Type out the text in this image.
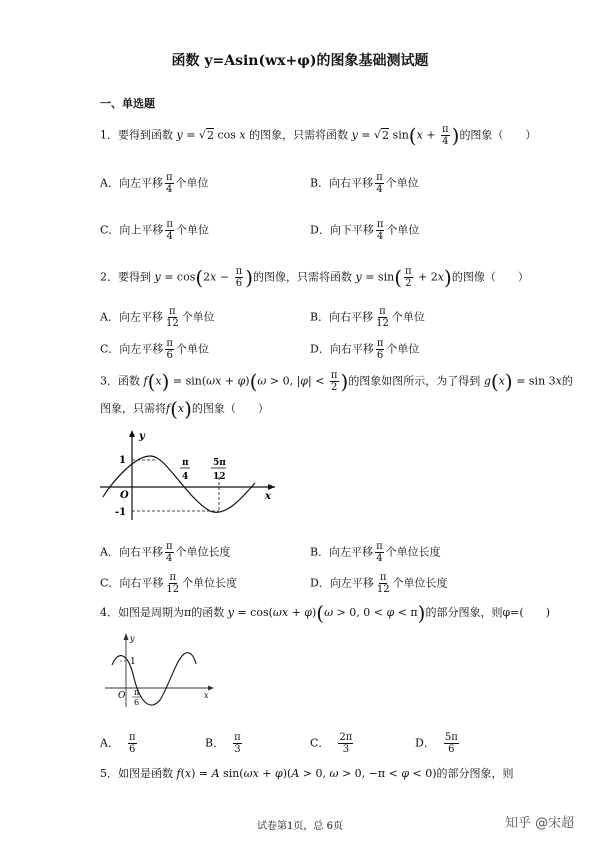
函数 y=Asin(wx+φ)的图象基础测试题
一、单选题
1．要得到函数 y = √2 cos x 的图象，只需将函数 y = √2 $\sin(x + \frac{\pi}{4}$ )的图象（　　）
A．向左平移 $\frac{\pi}{4}$ 个单位	B．向右平移 $\frac{\pi}{4}$ 个单位
C．向上平移 $\frac{\pi}{4}$ 个单位	D．向下平移 $\frac{\pi}{4}$ 个单位
2．要得到 $y = \cos(2x - \frac{\pi}{6}$ )的图像，只需将函数 $y = \sin( \frac{\pi}{2} + 2x)$的图像（　　）
A．向左平移 $\frac{\pi}{12}$ 个单位	B．向右平移 $\frac{\pi}{12}$ 个单位
C．向左平移 $\frac{\pi}{6}$ 个单位	D．向右平移 $\frac{\pi}{6}$ 个单位
3．函数 f(x) = sin(ωx + φ)(ω > 0, $|\varphi| < \frac{\pi}{2}$ )的图象如图所示，为了得到 g(x) = sin 3x的
图象，只需将f(x)的图象（　　）
1
-1
O	x
y
π
4
5π
12
A．向右平移 $\frac{\pi}{4}$ 个单位长度	B．向左平移 $\frac{\pi}{4}$ 个单位长度
C．向右平移 $\frac{\pi}{12}$ 个单位长度	D．向左平移 $\frac{\pi}{12}$ 个单位长度
4．如图是周期为π的函数 y = cos(ωx + φ)(ω > 0, 0 < φ < π)的部分图象，则φ=(　　)
1
O	x
y
π
6
A． $\frac{\pi}{6}$	B． $\frac{\pi}{3}$	C． $\frac{2\pi}{3}$	D． $\frac{5\pi}{6}$
5．如图是函数 f(x) = A sin(ωx + φ)(A > 0, ω > 0, −π < φ < 0)的部分图象，则
试卷第1页，总 6页	知乎 @宋超
